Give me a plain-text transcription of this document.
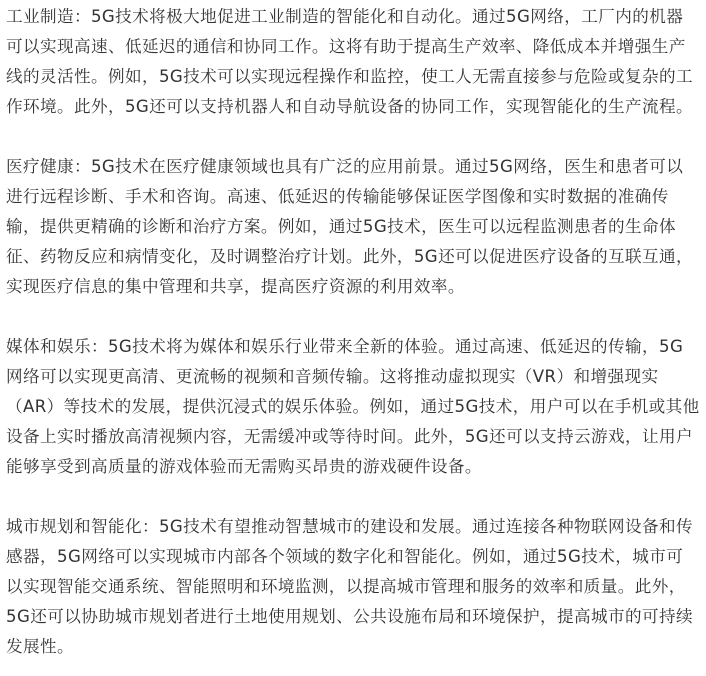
工业制造：5G技术将极大地促进工业制造的智能化和自动化。通过5G网络，工厂内的机器可以实现高速、低延迟的通信和协同工作。这将有助于提高生产效率、降低成本并增强生产线的灵活性。例如，5G技术可以实现远程操作和监控，使工人无需直接参与危险或复杂的工作环境。此外，5G还可以支持机器人和自动导航设备的协同工作，实现智能化的生产流程。

医疗健康：5G技术在医疗健康领域也具有广泛的应用前景。通过5G网络，医生和患者可以进行远程诊断、手术和咨询。高速、低延迟的传输能够保证医学图像和实时数据的准确传输，提供更精确的诊断和治疗方案。例如，通过5G技术，医生可以远程监测患者的生命体征、药物反应和病情变化，及时调整治疗计划。此外，5G还可以促进医疗设备的互联互通，实现医疗信息的集中管理和共享，提高医疗资源的利用效率。

媒体和娱乐：5G技术将为媒体和娱乐行业带来全新的体验。通过高速、低延迟的传输，5G网络可以实现更高清、更流畅的视频和音频传输。这将推动虚拟现实（VR）和增强现实（AR）等技术的发展，提供沉浸式的娱乐体验。例如，通过5G技术，用户可以在手机或其他设备上实时播放高清视频内容，无需缓冲或等待时间。此外，5G还可以支持云游戏，让用户能够享受到高质量的游戏体验而无需购买昂贵的游戏硬件设备。

城市规划和智能化：5G技术有望推动智慧城市的建设和发展。通过连接各种物联网设备和传感器，5G网络可以实现城市内部各个领域的数字化和智能化。例如，通过5G技术，城市可以实现智能交通系统、智能照明和环境监测，以提高城市管理和服务的效率和质量。此外，5G还可以协助城市规划者进行土地使用规划、公共设施布局和环境保护，提高城市的可持续发展性。
